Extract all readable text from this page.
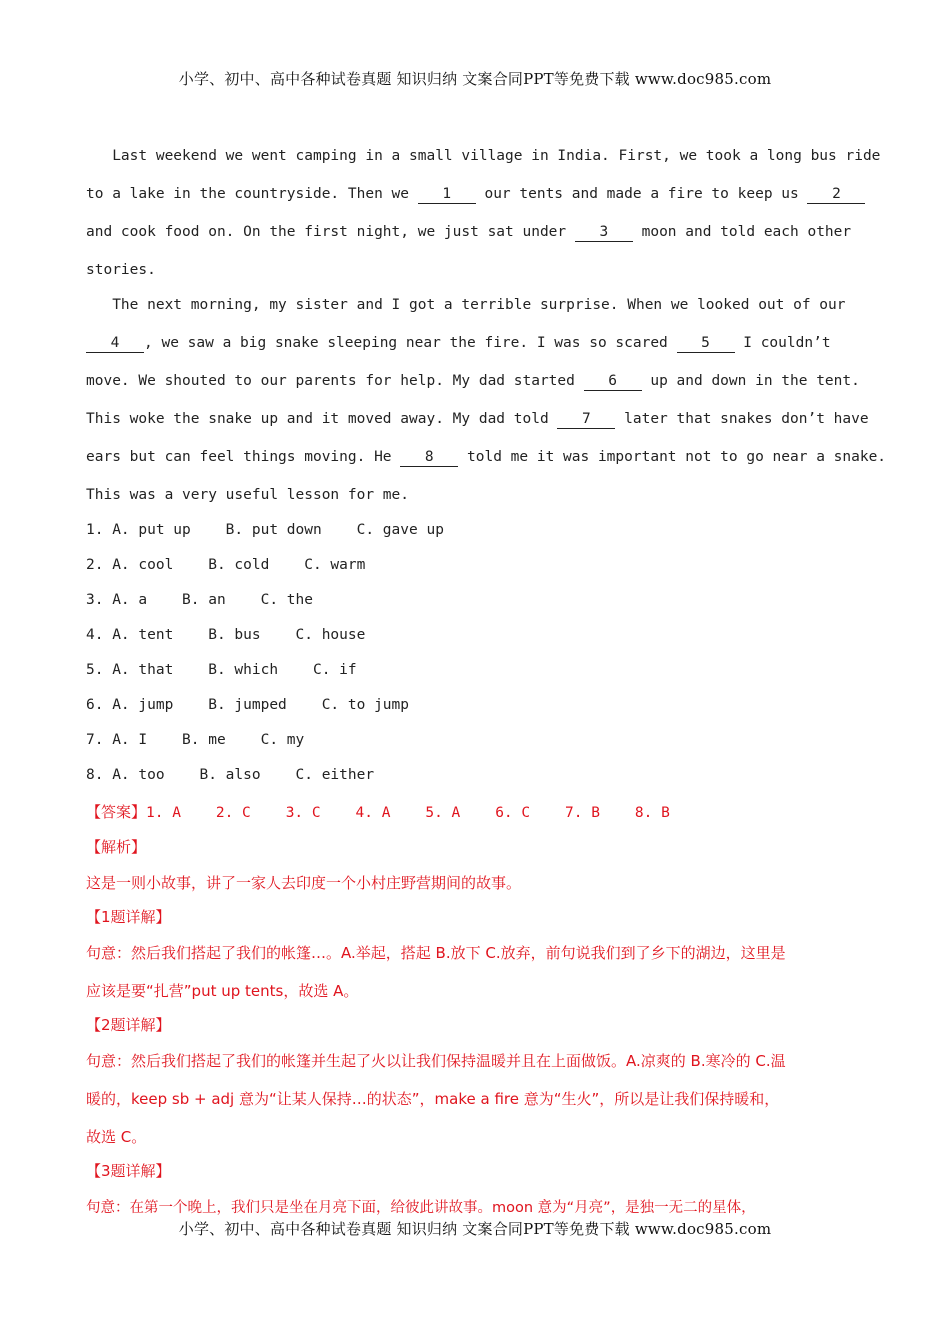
小学、初中、高中各种试卷真题 知识归纳 文案合同PPT等免费下载 www.doc985.com
Last weekend we went camping in a small village in India. First, we took a long bus ride
to a lake in the countryside. Then we 1 our tents and made a fire to keep us 2
and cook food on. On the first night, we just sat under 3 moon and told each other
stories.
The next morning, my sister and I got a terrible surprise. When we looked out of our
4 , we saw a big snake sleeping near the fire. I was so scared 5 I couldn’t
move. We shouted to our parents for help. My dad started 6 up and down in the tent.
This woke the snake up and it moved away. My dad told 7 later that snakes don’t have
ears but can feel things moving. He 8 told me it was important not to go near a snake.
This was a very useful lesson for me.
1. A. put up    B. put down    C. gave up
2. A. cool    B. cold    C. warm
3. A. a    B. an    C. the
4. A. tent    B. bus    C. house
5. A. that    B. which    C. if
6. A. jump    B. jumped    C. to jump
7. A. I    B. me    C. my
8. A. too    B. also    C. either
【答案】1. A    2. C    3. C    4. A    5. A    6. C    7. B    8. B
【解析】
这是一则小故事，讲了一家人去印度一个小村庄野营期间的故事。
【1题详解】
句意：然后我们搭起了我们的帐篷…。A.举起，搭起 B.放下 C.放弃，前句说我们到了乡下的湖边，这里是
应该是要“扎营”put up tents，故选 A。
【2题详解】
句意：然后我们搭起了我们的帐篷并生起了火以让我们保持温暖并且在上面做饭。A.凉爽的 B.寒冷的 C.温
暖的，keep sb + adj 意为“让某人保持…的状态”，make a fire 意为“生火”，所以是让我们保持暖和，
故选 C。
【3题详解】
句意：在第一个晚上，我们只是坐在月亮下面，给彼此讲故事。moon 意为“月亮”，是独一无二的星体，
小学、初中、高中各种试卷真题 知识归纳 文案合同PPT等免费下载 www.doc985.com
